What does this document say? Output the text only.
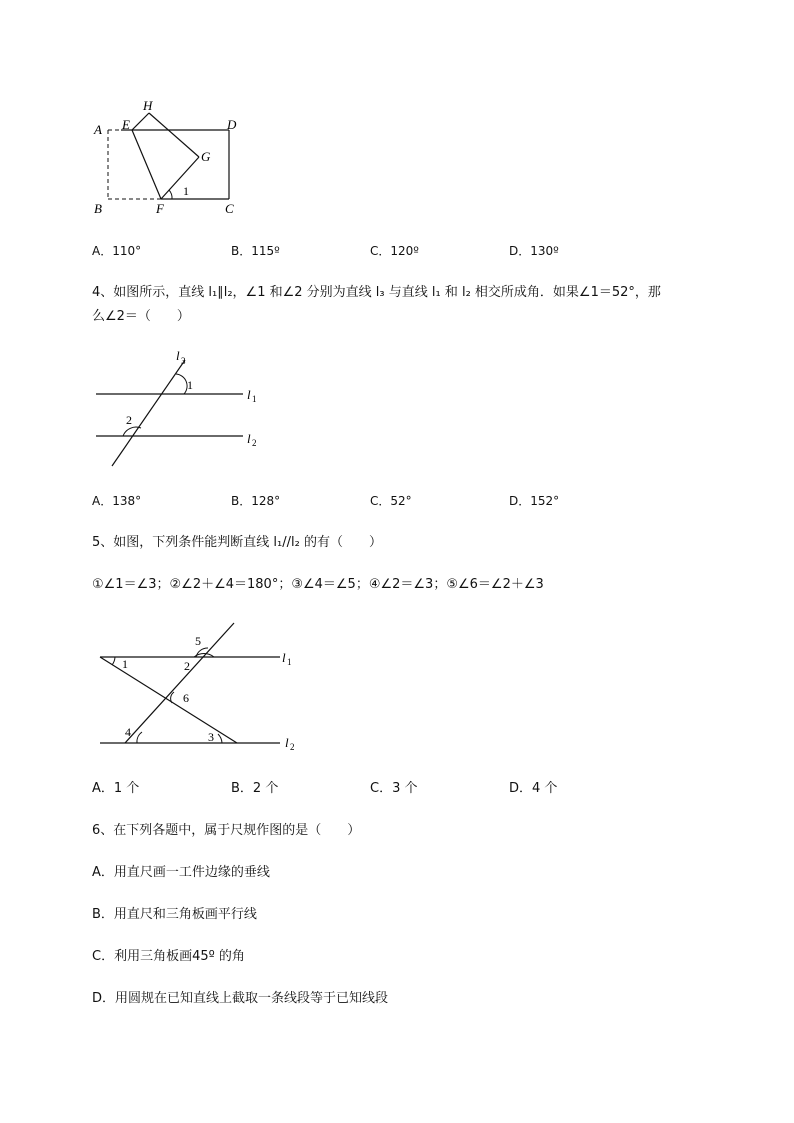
H
A E	D
G
1
B	F	C
A．110°	B．115º	C．120º	D．130º
4、如图所示，直线 l₁∥l₂，∠1 和∠2 分别为直线 l₃ 与直线 l₁ 和 l₂ 相交所成角．如果∠1＝52°，那
么∠2＝（　　）
l 3
1
l 1
2
l 2
A．138°	B．128°	C．52°	D．152°
5、如图，下列条件能判断直线 l₁//l₂ 的有（　　）
①∠1＝∠3；②∠2＋∠4＝180°；③∠4＝∠5；④∠2＝∠3；⑤∠6＝∠2＋∠3
5
1	2
l 1
6
4	3	l 2
A．1 个	B．2 个	C．3 个	D．4 个
6、在下列各题中，属于尺规作图的是（　　）
A．用直尺画一工件边缘的垂线
B．用直尺和三角板画平行线
C．利用三角板画45º 的角
D．用圆规在已知直线上截取一条线段等于已知线段
